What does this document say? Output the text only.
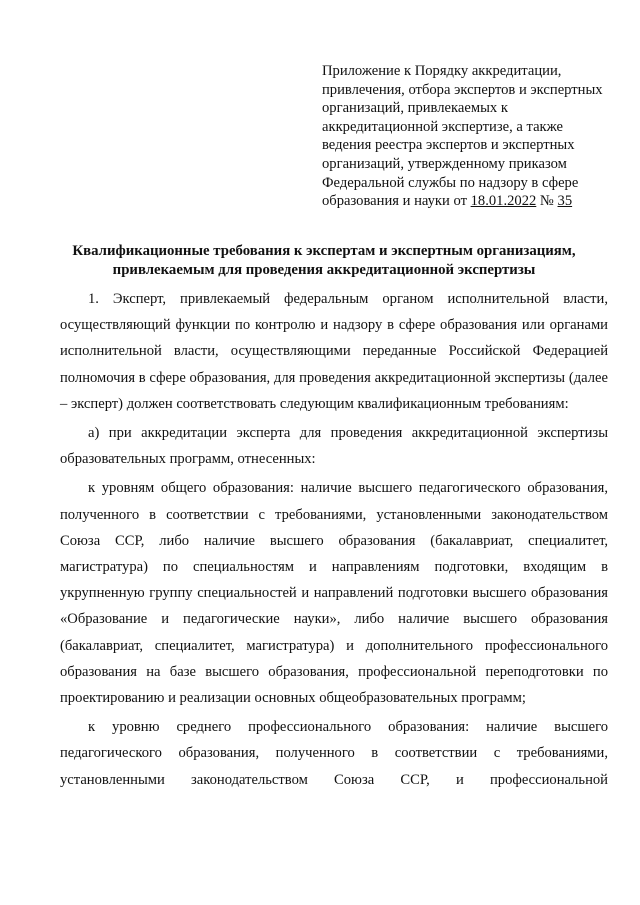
Приложение к Порядку аккредитации, привлечения, отбора экспертов и экспертных организаций, привлекаемых к аккредитационной экспертизе, а также ведения реестра экспертов и экспертных организаций, утвержденному приказом Федеральной службы по надзору в сфере образования и науки от 18.01.2022 № 35
Квалификационные требования к экспертам и экспертным организациям,
привлекаемым для проведения аккредитационной экспертизы

1. Эксперт, привлекаемый федеральным органом исполнительной власти, осуществляющий функции по контролю и надзору в сфере образования или органами исполнительной власти, осуществляющими переданные Российской Федерацией полномочия в сфере образования, для проведения аккредитационной экспертизы (далее – эксперт) должен соответствовать следующим квалификационным требованиям:

а) при аккредитации эксперта для проведения аккредитационной экспертизы образовательных программ, отнесенных:

к уровням общего образования: наличие высшего педагогического образования, полученного в соответствии с требованиями, установленными законодательством Союза ССР, либо наличие высшего образования (бакалавриат, специалитет, магистратура) по специальностям и направлениям подготовки, входящим в укрупненную группу специальностей и направлений подготовки высшего образования «Образование и педагогические науки», либо наличие высшего образования (бакалавриат, специалитет, магистратура) и дополнительного профессионального образования на базе высшего образования, профессиональной переподготовки по проектированию и реализации основных общеобразовательных программ;

к уровню среднего профессионального образования: наличие высшего педагогического образования, полученного в соответствии с требованиями, установленными законодательством Союза ССР, и профессиональной
